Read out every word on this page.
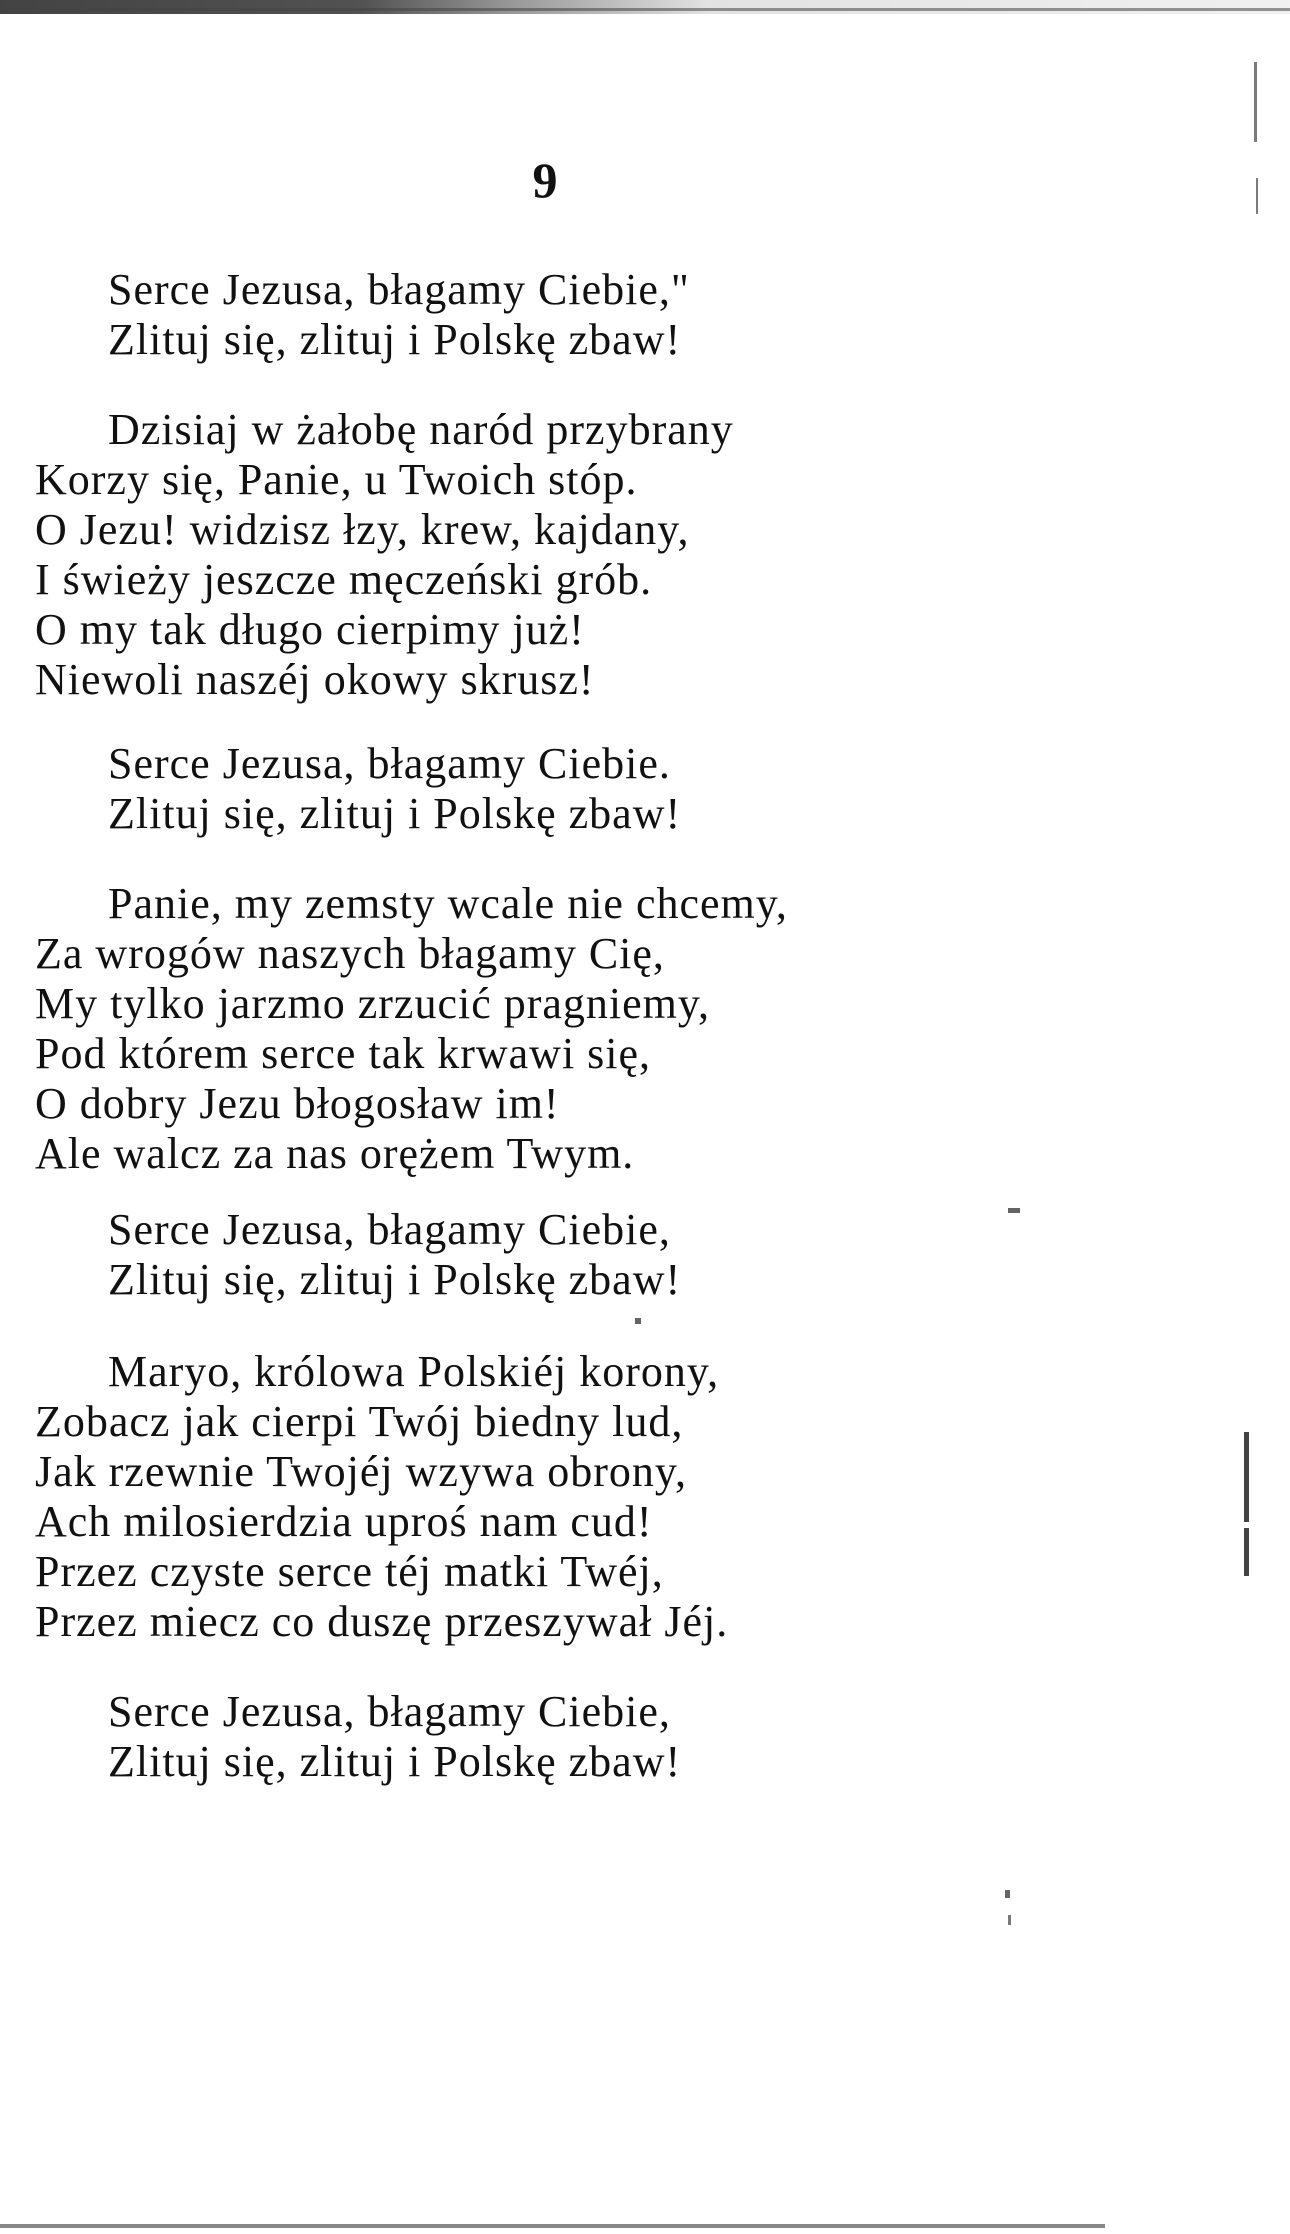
9
Serce Jezusa, błagamy Ciebie,"
Zlituj się, zlituj i Polskę zbaw!
Dzisiaj w żałobę naród przybrany
Korzy się, Panie, u Twoich stóp.
O Jezu! widzisz łzy, krew, kajdany,
I świeży jeszcze męczeński grób.
O my tak długo cierpimy już!
Niewoli naszéj okowy skrusz!
Serce Jezusa, błagamy Ciebie.
Zlituj się, zlituj i Polskę zbaw!
Panie, my zemsty wcale nie chcemy,
Za wrogów naszych błagamy Cię,
My tylko jarzmo zrzucić pragniemy,
Pod którem serce tak krwawi się,
O dobry Jezu błogosław im!
Ale walcz za nas orężem Twym.
Serce Jezusa, błagamy Ciebie,
Zlituj się, zlituj i Polskę zbaw!
Maryo, królowa Polskiéj korony,
Zobacz jak cierpi Twój biedny lud,
Jak rzewnie Twojéj wzywa obrony,
Ach milosierdzia uproś nam cud!
Przez czyste serce téj matki Twéj,
Przez miecz co duszę przeszywał Jéj.
Serce Jezusa, błagamy Ciebie,
Zlituj się, zlituj i Polskę zbaw!
